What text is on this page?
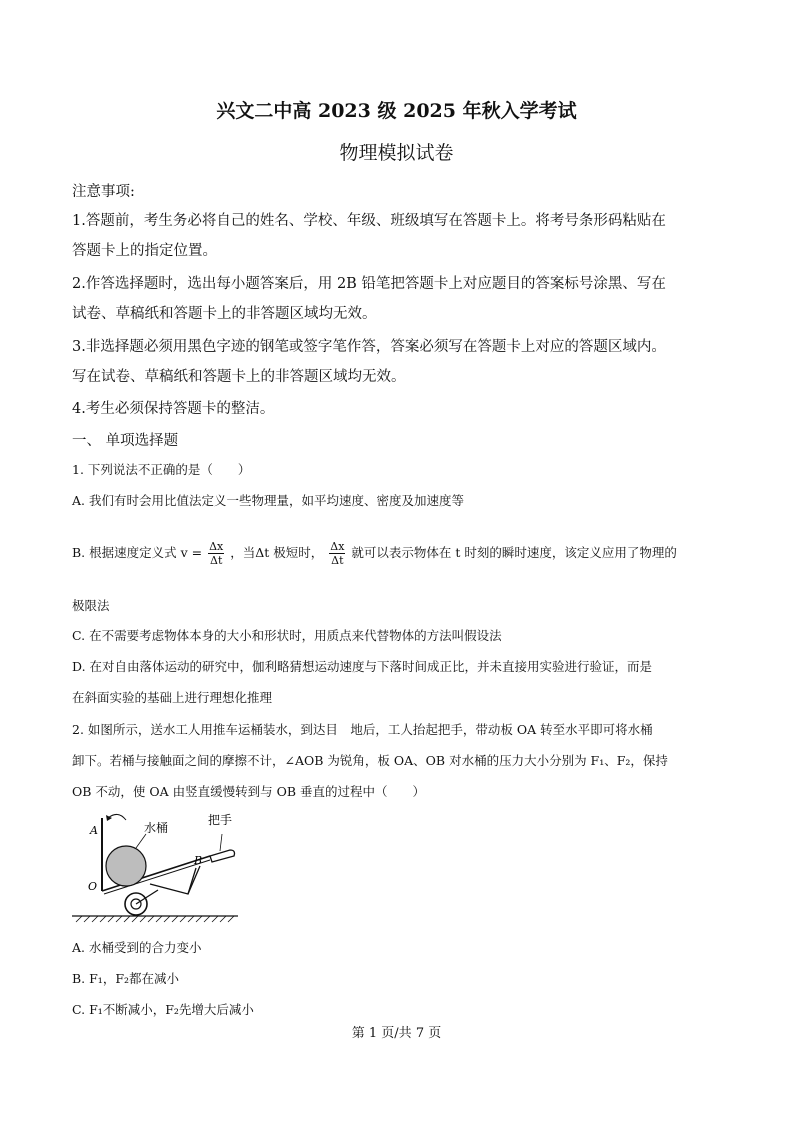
兴文二中高 2023 级 2025 年秋入学考试
物理模拟试卷
注意事项:
1.答题前，考生务必将自己的姓名、学校、年级、班级填写在答题卡上。将考号条形码粘贴在
答题卡上的指定位置。
2.作答选择题时，选出每小题答案后，用 2B 铅笔把答题卡上对应题目的答案标号涂黑、写在
试卷、草稿纸和答题卡上的非答题区域均无效。
3.非选择题必须用黑色字迹的钢笔或签字笔作答，答案必须写在答题卡上对应的答题区域内。
写在试卷、草稿纸和答题卡上的非答题区域均无效。
4.考生必须保持答题卡的整洁。
一、 单项选择题
1. 下列说法不正确的是（　　）
A. 我们有时会用比值法定义一些物理量，如平均速度、密度及加速度等
B. 根据速度定义式 $v = \frac{\Delta x}{\Delta t}$ ，当Δt 极短时， $\frac{\Delta x}{\Delta t}$ 就可以表示物体在 t 时刻的瞬时速度，该定义应用了物理的
极限法
C. 在不需要考虑物体本身的大小和形状时，用质点来代替物体的方法叫假设法
D. 在对自由落体运动的研究中，伽利略猜想运动速度与下落时间成正比，并未直接用实验进行验证，而是
在斜面实验的基础上进行理想化推理
2. 如图所示，送水工人用推车运桶装水，到达目　地后，工人抬起把手，带动板 OA 转至水平即可将水桶
卸下。若桶与接触面之间的摩擦不计，∠AOB 为锐角，板 OA、OB 对水桶的压力大小分别为 F₁、F₂，保持
OB 不动，使 OA 由竖直缓慢转到与 OB 垂直的过程中（　　）
水桶
把手
A
O
B
A. 水桶受到的合力变小
B. F₁，F₂都在减小
C. F₁不断减小，F₂先增大后减小
第 1 页/共 7 页
